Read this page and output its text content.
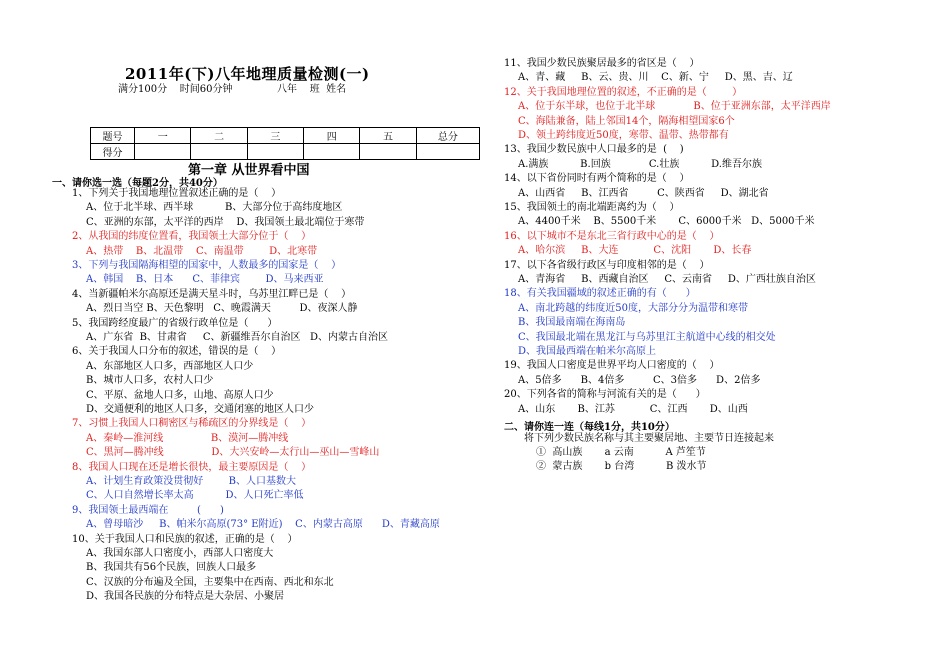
2011年(下)八年地理质量检测(一)
满分100分    时间60分钟              八年    班  姓名
题号	一	二	三	四	五	总分
得分						
第一章 从世界看中国
一、请你选一选（每题2分，共40分）
1、下列关于我国地理位置叙述正确的是（    ）
A、位于北半球、西半球          B、大部分位于高纬度地区
C、亚洲的东部，太平洋的西岸    D、我国领土最北端位于寒带
2、从我国的纬度位置看，我国领土大部分位于（    ）
A、热带    B、北温带    C、南温带        D、北寒带
3、下列与我国隔海相望的国家中，人数最多的国家是（    ）
A、韩国    B、日本      C、菲律宾        D、马来西亚
4、当新疆帕米尔高原还是满天星斗时，乌苏里江畔已是（    ）
A、烈日当空 B、天色黎明   C、晚霞满天         D、夜深人静
5、我国跨经度最广的省级行政单位是（      ）
A、广东省  B、甘肃省     C、新疆维吾尔自治区   D、内蒙古自治区
6、关于我国人口分布的叙述，错误的是（    ）
A、东部地区人口多，西部地区人口少
B、城市人口多，农村人口少
C、平原、盆地人口多，山地、高原人口少
D、交通便利的地区人口多，交通闭塞的地区人口少
7、习惯上我国人口稠密区与稀疏区的分界线是（    ）
A、秦岭—淮河线               B、漠河—腾冲线
C、黑河—腾冲线               D、大兴安岭—太行山—巫山—雪峰山
8、我国人口现在还是增长很快，最主要原因是（    ）
A、计划生育政策没贯彻好        B、人口基数大
C、人口自然增长率太高          D、人口死亡率低
9、我国领土最西端在         (      )
A、曾母暗沙     B、帕米尔高原(73° E附近)    C、内蒙古高原      D、青藏高原
10、关于我国人口和民族的叙述，正确的是（    ）
A、我国东部人口密度小，西部人口密度大
B、我国共有56个民族，回族人口最多
C、汉族的分布遍及全国，主要集中在西南、西北和东北
D、我国各民族的分布特点是大杂居、小聚居
11、我国少数民族聚居最多的省区是（    ）
A、青、藏     B、云、贵、川    C、新、宁     D、黑、吉、辽
12、关于我国地理位置的叙述，不正确的是（        ）
A、位于东半球，也位于北半球            B、位于亚洲东部，太平洋西岸
C、海陆兼备，陆上邻国14个，隔海相望国家6个
D、领土跨纬度近50度，寒带、温带、热带都有
13、我国少数民族中人口最多的是  (    )
A.满族          B.回族            C.壮族          D.维吾尔族
14、以下省份同时有两个简称的是（    ）
A、山西省     B、江西省         C、陕西省     D、湖北省
15、我国领土的南北端距离约为（    ）
A、4400千米    B、5500千米       C、6000千米   D、5000千米
16、以下城市不是东北三省行政中心的是（    ）
A、哈尔滨     B、大连           C、沈阳       D、长春
17、以下各省级行政区与印度相邻的是（    ）
A、青海省     B、西藏自治区     C、云南省     D、广西壮族自治区
18、有关我国疆域的叙述正确的有（      ）
A、南北跨越的纬度近50度，大部分分为温带和寒带
B、我国最南端在海南岛
C、我国最北端在黑龙江与乌苏里江主航道中心线的相交处
D、我国最西端在帕米尔高原上
19、我国人口密度是世界平均人口密度的（    ）
A、5倍多      B、4倍多         C、3倍多      D、2倍多
20、下列各省的简称与河流有关的是（      ）
A、山东       B、江苏           C、江西       D、山西
二、请你连一连（每线1分，共10分）
将下列少数民族名称与其主要聚居地、主要节日连接起来
①  高山族       a 云南          A 芦笙节
②  蒙古族       b 台湾          B 泼水节
